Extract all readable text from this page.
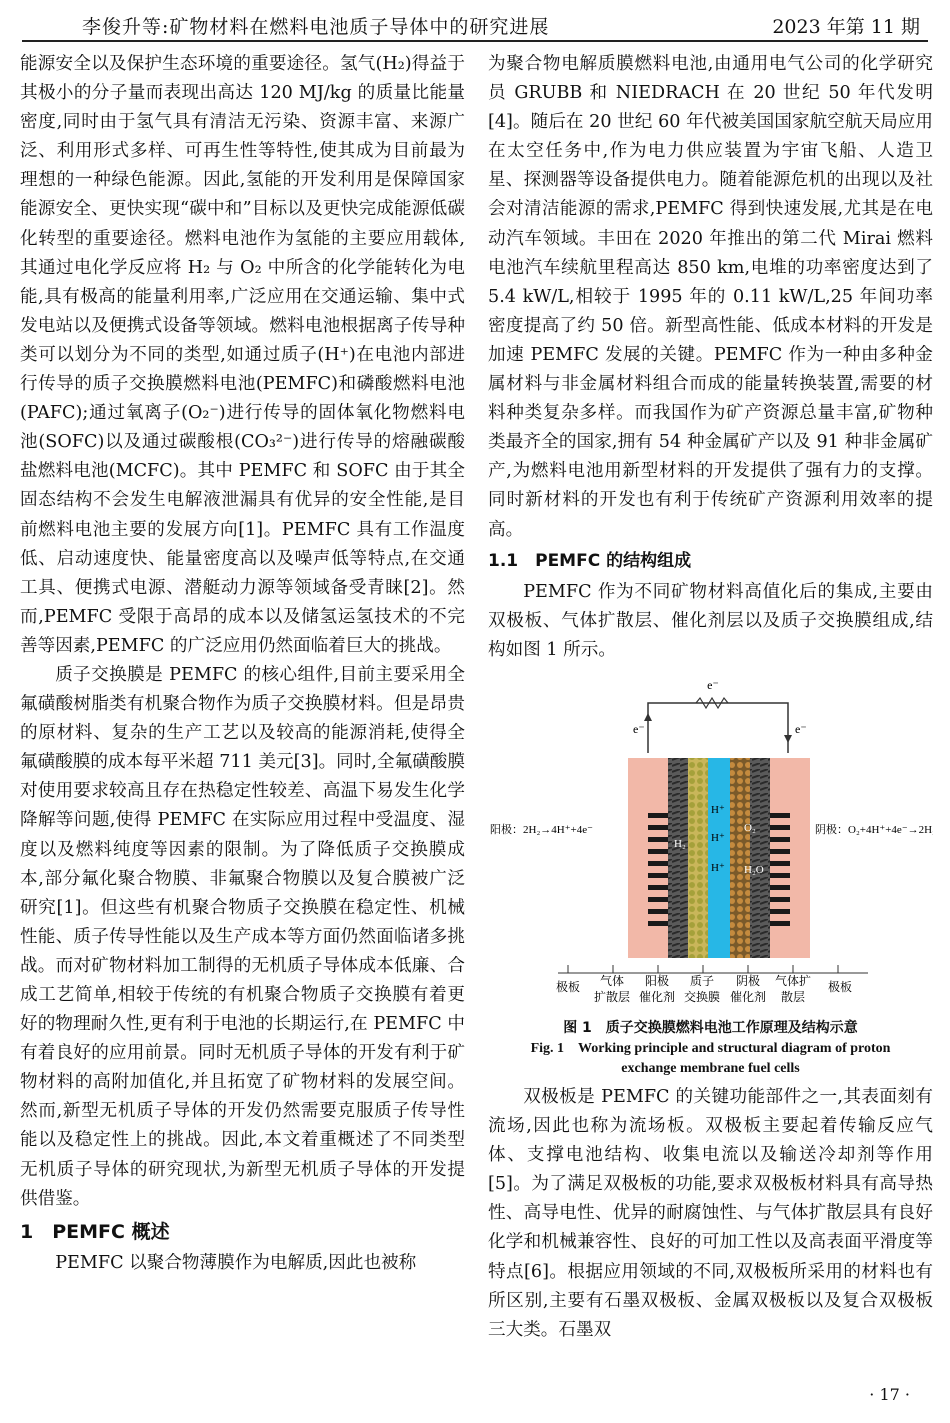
李俊升等:矿物材料在燃料电池质子导体中的研究进展	2023 年第 11 期

能源安全以及保护生态环境的重要途径。氢气(H₂)得益于其极小的分子量而表现出高达 120 MJ/kg 的质量比能量密度,同时由于氢气具有清洁无污染、资源丰富、来源广泛、利用形式多样、可再生性等特性,使其成为目前最为理想的一种绿色能源。因此,氢能的开发利用是保障国家能源安全、更快实现“碳中和”目标以及更快完成能源低碳化转型的重要途径。燃料电池作为氢能的主要应用载体,其通过电化学反应将 H₂ 与 O₂ 中所含的化学能转化为电能,具有极高的能量利用率,广泛应用在交通运输、集中式发电站以及便携式设备等领域。燃料电池根据离子传导种类可以划分为不同的类型,如通过质子(H⁺)在电池内部进行传导的质子交换膜燃料电池(PEMFC)和磷酸燃料电池(PAFC);通过氧离子(O₂⁻)进行传导的固体氧化物燃料电池(SOFC)以及通过碳酸根(CO₃²⁻)进行传导的熔融碳酸盐燃料电池(MCFC)。其中 PEMFC 和 SOFC 由于其全固态结构不会发生电解液泄漏具有优异的安全性能,是目前燃料电池主要的发展方向[1]。PEMFC 具有工作温度低、启动速度快、能量密度高以及噪声低等特点,在交通工具、便携式电源、潜艇动力源等领域备受青睐[2]。然而,PEMFC 受限于高昂的成本以及储氢运氢技术的不完善等因素,PEMFC 的广泛应用仍然面临着巨大的挑战。

质子交换膜是 PEMFC 的核心组件,目前主要采用全氟磺酸树脂类有机聚合物作为质子交换膜材料。但是昂贵的原材料、复杂的生产工艺以及较高的能源消耗,使得全氟磺酸膜的成本每平米超 711 美元[3]。同时,全氟磺酸膜对使用要求较高且存在热稳定性较差、高温下易发生化学降解等问题,使得 PEMFC 在实际应用过程中受温度、湿度以及燃料纯度等因素的限制。为了降低质子交换膜成本,部分氟化聚合物膜、非氟聚合物膜以及复合膜被广泛研究[1]。但这些有机聚合物质子交换膜在稳定性、机械性能、质子传导性能以及生产成本等方面仍然面临诸多挑战。而对矿物材料加工制得的无机质子导体成本低廉、合成工艺简单,相较于传统的有机聚合物质子交换膜有着更好的物理耐久性,更有利于电池的长期运行,在 PEMFC 中有着良好的应用前景。同时无机质子导体的开发有利于矿物材料的高附加值化,并且拓宽了矿物材料的发展空间。然而,新型无机质子导体的开发仍然需要克服质子传导性能以及稳定性上的挑战。因此,本文着重概述了不同类型无机质子导体的研究现状,为新型无机质子导体的开发提供借鉴。

1　PEMFC 概述

PEMFC 以聚合物薄膜作为电解质,因此也被称

为聚合物电解质膜燃料电池,由通用电气公司的化学研究员 GRUBB 和 NIEDRACH 在 20 世纪 50 年代发明[4]。随后在 20 世纪 60 年代被美国国家航空航天局应用在太空任务中,作为电力供应装置为宇宙飞船、人造卫星、探测器等设备提供电力。随着能源危机的出现以及社会对清洁能源的需求,PEMFC 得到快速发展,尤其是在电动汽车领域。丰田在 2020 年推出的第二代 Mirai 燃料电池汽车续航里程高达 850 km,电堆的功率密度达到了 5.4 kW/L,相较于 1995 年的 0.11 kW/L,25 年间功率密度提高了约 50 倍。新型高性能、低成本材料的开发是加速 PEMFC 发展的关键。PEMFC 作为一种由多种金属材料与非金属材料组合而成的能量转换装置,需要的材料种类复杂多样。而我国作为矿产资源总量丰富,矿物种类最齐全的国家,拥有 54 种金属矿产以及 91 种非金属矿产,为燃料电池用新型材料的开发提供了强有力的支撑。同时新材料的开发也有利于传统矿产资源利用效率的提高。

1.1　PEMFC 的结构组成

PEMFC 作为不同矿物材料高值化后的集成,主要由双极板、气体扩散层、催化剂层以及质子交换膜组成,结构如图 1 所示。

e⁻
e⁻	e⁻
H⁺
H⁺
H⁺
H₂
O₂
H₂O
阳极：2H₂→4H⁺+4e⁻	阴极：O₂+4H⁺+4e⁻→2H₂O
极板 气体
扩散层
阳极
催化剂
质子
交换膜
阴极
催化剂
气体扩
散层
极板
图 1　质子交换膜燃料电池工作原理及结构示意
Fig. 1　Working principle and structural diagram of proton
exchange membrane fuel cells

双极板是 PEMFC 的关键功能部件之一,其表面刻有流场,因此也称为流场板。双极板主要起着传输反应气体、支撑电池结构、收集电流以及输送冷却剂等作用[5]。为了满足双极板的功能,要求双极板材料具有高导热性、高导电性、优异的耐腐蚀性、与气体扩散层具有良好化学和机械兼容性、良好的可加工性以及高表面平滑度等特点[6]。根据应用领域的不同,双极板所采用的材料也有所区别,主要有石墨双极板、金属双极板以及复合双极板三大类。石墨双

· 17 ·
